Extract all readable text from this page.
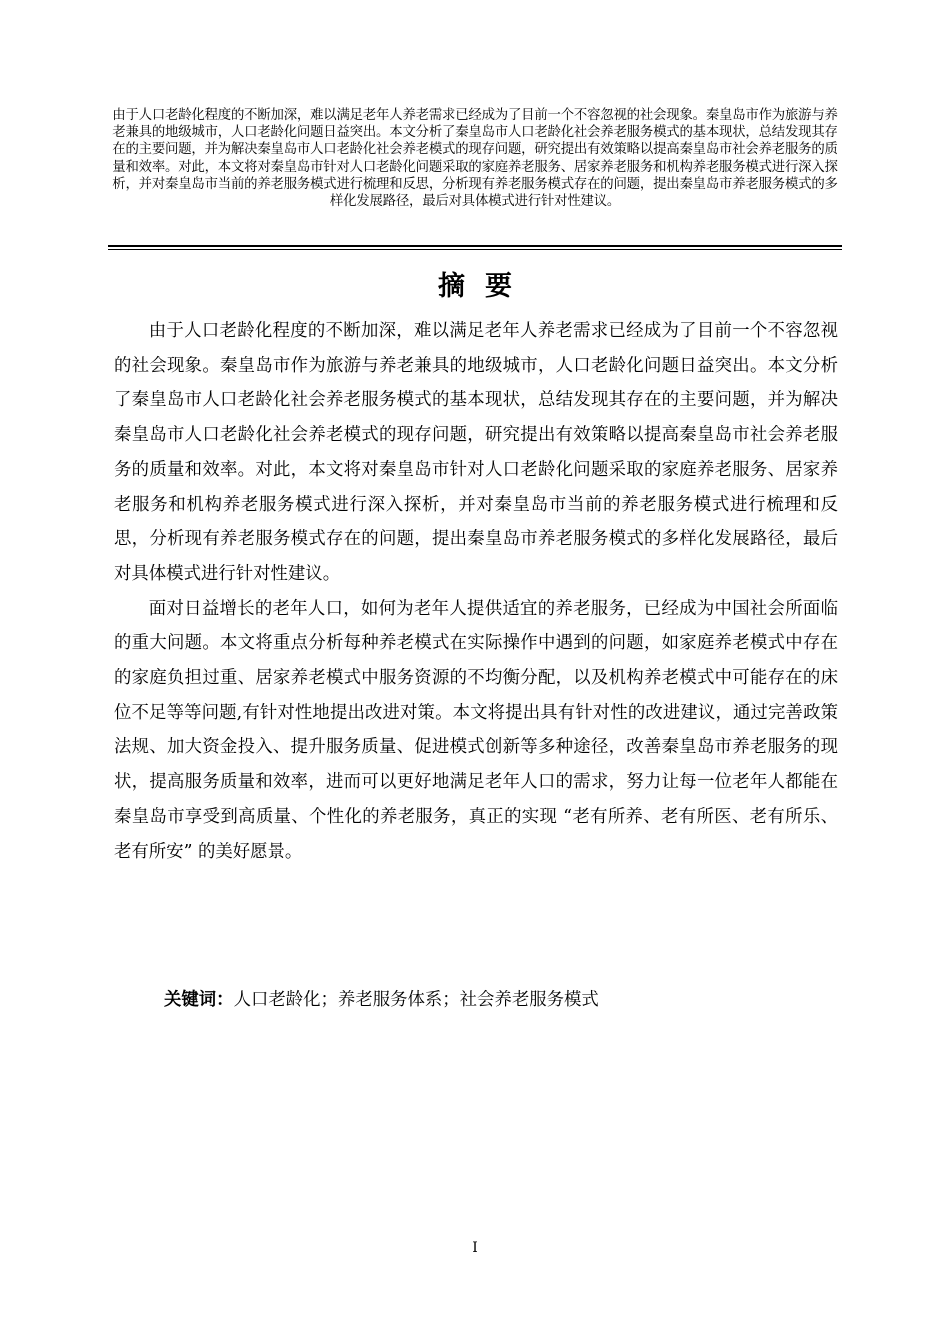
由于人口老龄化程度的不断加深，难以满足老年人养老需求已经成为了目前一个不容忽视的社会现象。秦皇岛市作为旅游与养老兼具的地级城市，人口老龄化问题日益突出。本文分析了秦皇岛市人口老龄化社会养老服务模式的基本现状，总结发现其存在的主要问题，并为解决秦皇岛市人口老龄化社会养老模式的现存问题，研究提出有效策略以提高秦皇岛市社会养老服务的质量和效率。对此，本文将对秦皇岛市针对人口老龄化问题采取的家庭养老服务、居家养老服务和机构养老服务模式进行深入探析，并对秦皇岛市当前的养老服务模式进行梳理和反思，分析现有养老服务模式存在的问题，提出秦皇岛市养老服务模式的多样化发展路径，最后对具体模式进行针对性建议。
摘要

由于人口老龄化程度的不断加深，难以满足老年人养老需求已经成为了目前一个不容忽视的社会现象。秦皇岛市作为旅游与养老兼具的地级城市，人口老龄化问题日益突出。本文分析了秦皇岛市人口老龄化社会养老服务模式的基本现状，总结发现其存在的主要问题，并为解决秦皇岛市人口老龄化社会养老模式的现存问题，研究提出有效策略以提高秦皇岛市社会养老服务的质量和效率。对此，本文将对秦皇岛市针对人口老龄化问题采取的家庭养老服务、居家养老服务和机构养老服务模式进行深入探析，并对秦皇岛市当前的养老服务模式进行梳理和反思，分析现有养老服务模式存在的问题，提出秦皇岛市养老服务模式的多样化发展路径，最后对具体模式进行针对性建议。

面对日益增长的老年人口，如何为老年人提供适宜的养老服务，已经成为中国社会所面临的重大问题。本文将重点分析每种养老模式在实际操作中遇到的问题，如家庭养老模式中存在的家庭负担过重、居家养老模式中服务资源的不均衡分配，以及机构养老模式中可能存在的床位不足等等问题,有针对性地提出改进对策。本文将提出具有针对性的改进建议，通过完善政策法规、加大资金投入、提升服务质量、促进模式创新等多种途径，改善秦皇岛市养老服务的现状，提高服务质量和效率，进而可以更好地满足老年人口的需求，努力让每一位老年人都能在秦皇岛市享受到高质量、个性化的养老服务，真正的实现 “老有所养、老有所医、老有所乐、老有所安” 的美好愿景。

关键词：人口老龄化；养老服务体系；社会养老服务模式
I
